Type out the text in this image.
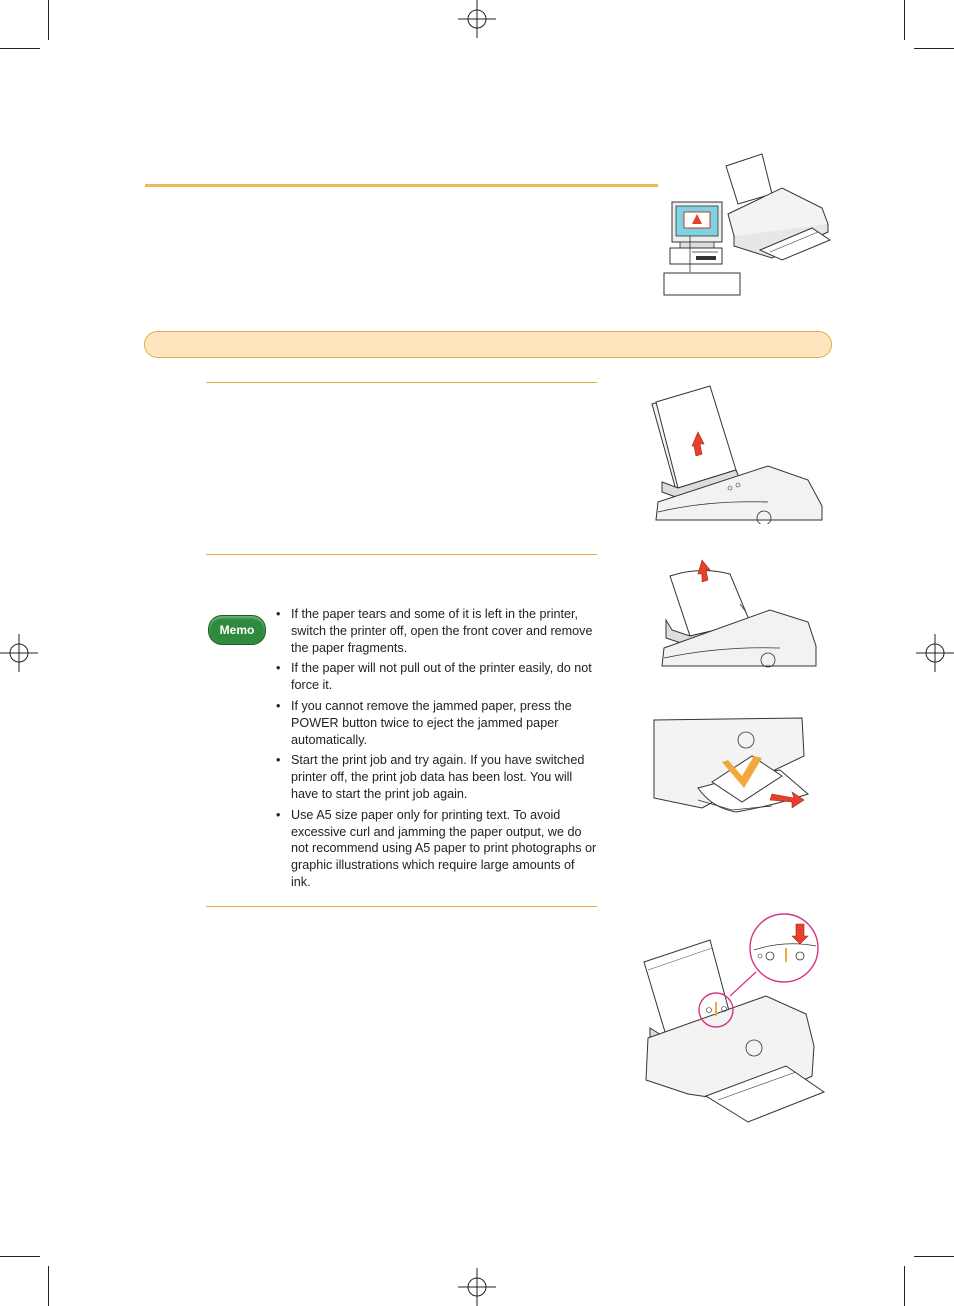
Memo
• If the paper tears and some of it is left in the printer, switch the printer off, open the front cover and remove the paper fragments.
• If the paper will not pull out of the printer easily, do not force it.
• If you cannot remove the jammed paper, press the POWER button twice to eject the jammed paper automatically.
• Start the print job and try again. If you have switched printer off, the print job data has been lost. You will have to start the print job again.
• Use A5 size paper only for printing text. To avoid excessive curl and jamming the paper output, we do not recommend using A5 paper to print photographs or graphic illustrations which require large amounts of ink.
